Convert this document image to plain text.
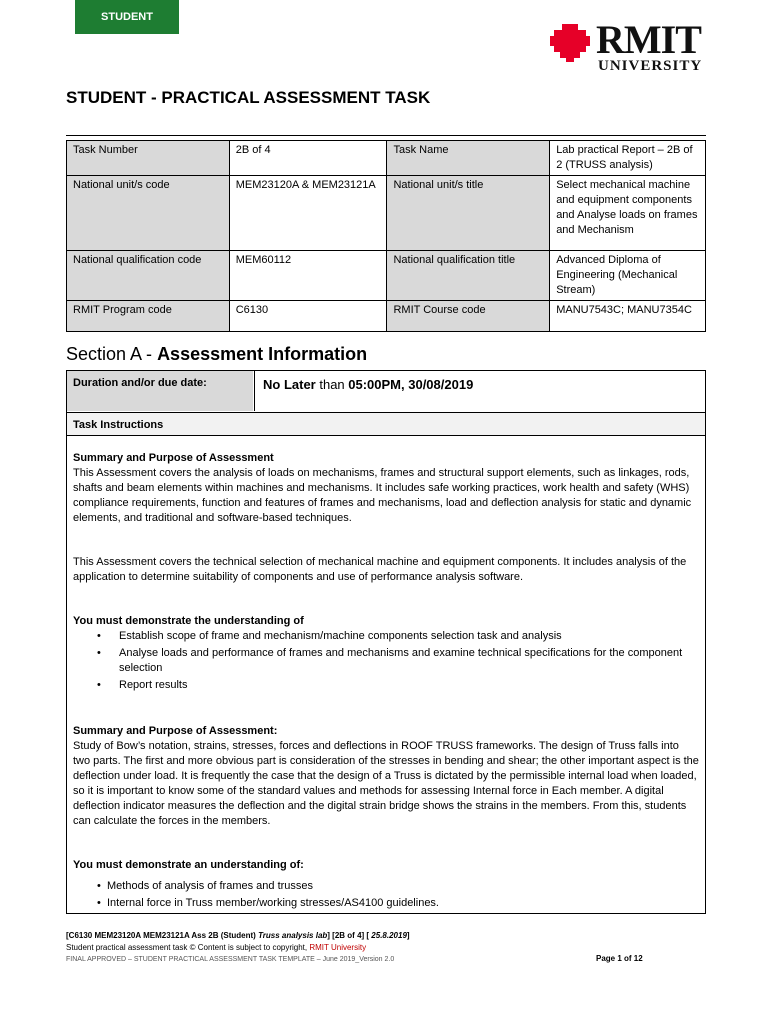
STUDENT	RMIT
UNIVERSITY
STUDENT - PRACTICAL ASSESSMENT TASK
Task Number	2B of 4	Task Name	Lab practical Report – 2B of 2 (TRUSS analysis)
National unit/s code	MEM23120A & MEM23121A	National unit/s title	Select mechanical machine and equipment components and Analyse loads on frames and Mechanism
National qualification code	MEM60112	National qualification title	Advanced Diploma of Engineering (Mechanical Stream)
RMIT Program code	C6130	RMIT Course code	MANU7543C; MANU7354C
Section A - Assessment Information
Duration and/or due date:	No Later than 05:00PM, 30/08/2019
Task Instructions

Summary and Purpose of Assessment

This Assessment covers the analysis of loads on mechanisms, frames and structural support elements, such as linkages, rods, shafts and beam elements within machines and mechanisms. It includes safe working practices, work health and safety (WHS) compliance requirements, function and features of frames and mechanisms, load and deflection analysis for static and dynamic elements, and traditional and software-based techniques.

This Assessment covers the technical selection of mechanical machine and equipment components. It includes analysis of the application to determine suitability of components and use of performance analysis software.

You must demonstrate the understanding of

• Establish scope of frame and mechanism/machine components selection task and analysis
• Analyse loads and performance of frames and mechanisms and examine technical specifications for the component selection
• Report results

Summary and Purpose of Assessment:

Study of Bow’s notation, strains, stresses, forces and deflections in ROOF TRUSS frameworks. The design of Truss falls into two parts. The first and more obvious part is consideration of the stresses in bending and shear; the other important aspect is the deflection under load. It is frequently the case that the design of a Truss is dictated by the permissible internal load when loaded, so it is important to know some of the standard values and methods for assessing Internal force in Each member. A digital deflection indicator measures the deflection and the digital strain bridge shows the strains in the members. From this, students can calculate the forces in the members.

You must demonstrate an understanding of:

• Methods of analysis of frames and trusses
• Internal force in Truss member/working stresses/AS4100 guidelines.
[C6130 MEM23120A MEM23121A Ass 2B (Student) Truss analysis lab] [2B of 4] [ 25.8.2019]
Student practical assessment task © Content is subject to copyright, RMIT University
FINAL APPROVED – STUDENT PRACTICAL ASSESSMENT TASK TEMPLATE – June 2019_Version 2.0	Page 1 of 12
